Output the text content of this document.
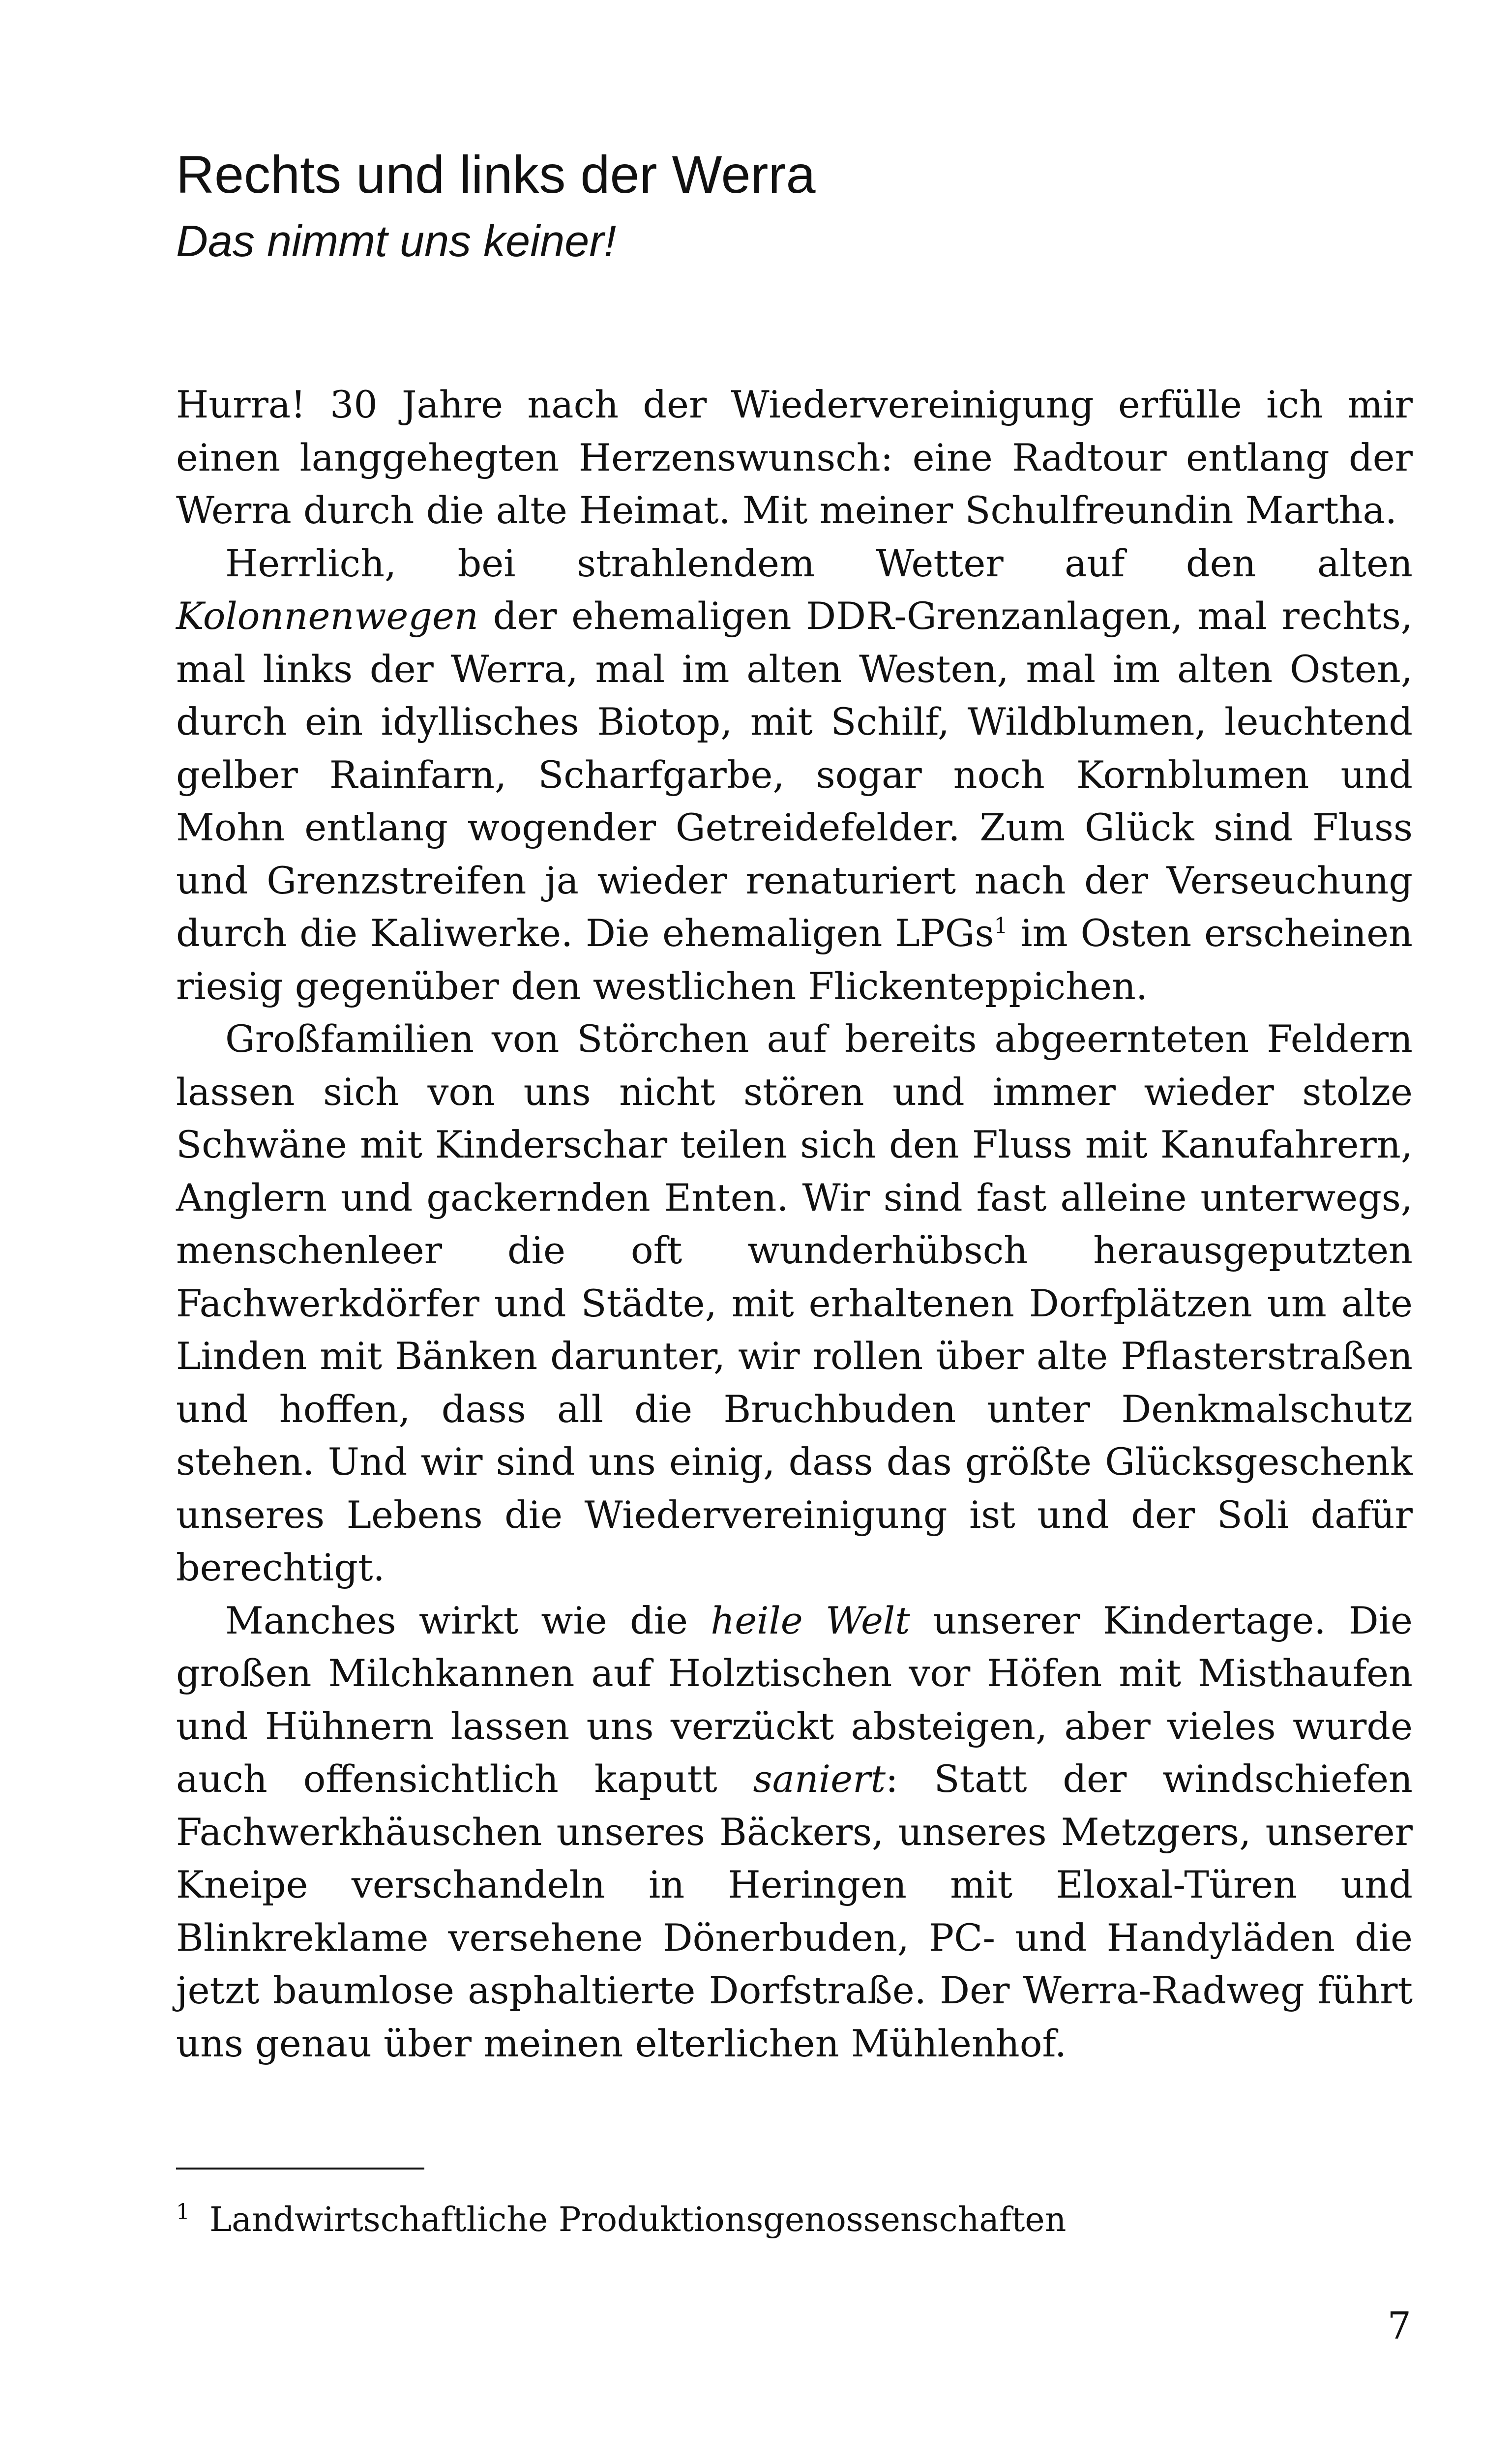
Rechts und links der Werra

Das nimmt uns keiner!

Hurra! 30 Jahre nach der Wiedervereinigung erfülle ich mir einen langgehegten Herzenswunsch: eine Radtour entlang der Werra durch die alte Heimat. Mit meiner Schulfreundin Martha.

Herrlich, bei strahlendem Wetter auf den alten Kolonnenwegen der ehemaligen DDR-Grenzanlagen, mal rechts, mal links der Werra, mal im alten Westen, mal im alten Osten, durch ein idyllisches Biotop, mit Schilf, Wildblumen, leuchtend gelber Rainfarn, Scharfgarbe, sogar noch Kornblumen und Mohn entlang wogender Getreidefelder. Zum Glück sind Fluss und Grenzstreifen ja wieder renaturiert nach der Verseuchung durch die Kaliwerke. Die ehemaligen LPGs$^1$ im Osten erscheinen riesig gegenüber den westlichen Flickenteppichen.

Großfamilien von Störchen auf bereits abgeernteten Feldern lassen sich von uns nicht stören und immer wieder stolze Schwäne mit Kinderschar teilen sich den Fluss mit Kanufahrern, Anglern und gackernden Enten. Wir sind fast alleine unterwegs, menschenleer die oft wunderhübsch herausgeputzten Fachwerkdörfer und Städte, mit erhaltenen Dorfplätzen um alte Linden mit Bänken darunter, wir rollen über alte Pflasterstraßen und hoffen, dass all die Bruchbuden unter Denkmalschutz stehen. Und wir sind uns einig, dass das größte Glücksgeschenk unseres Lebens die Wiedervereinigung ist und der Soli dafür berechtigt.

Manches wirkt wie die heile Welt unserer Kindertage. Die großen Milchkannen auf Holztischen vor Höfen mit Misthaufen und Hühnern lassen uns verzückt absteigen, aber vieles wurde auch offensichtlich kaputt saniert: Statt der windschiefen Fachwerkhäuschen unseres Bäckers, unseres Metzgers, unserer Kneipe verschandeln in Heringen mit Eloxal-Türen und Blinkreklame versehene Dönerbuden, PC- und Handyläden die jetzt baumlose asphaltierte Dorfstraße. Der Werra-Radweg führt uns genau über meinen elterlichen Mühlenhof.

$^1$ Landwirtschaftliche Produktionsgenossenschaften
7
